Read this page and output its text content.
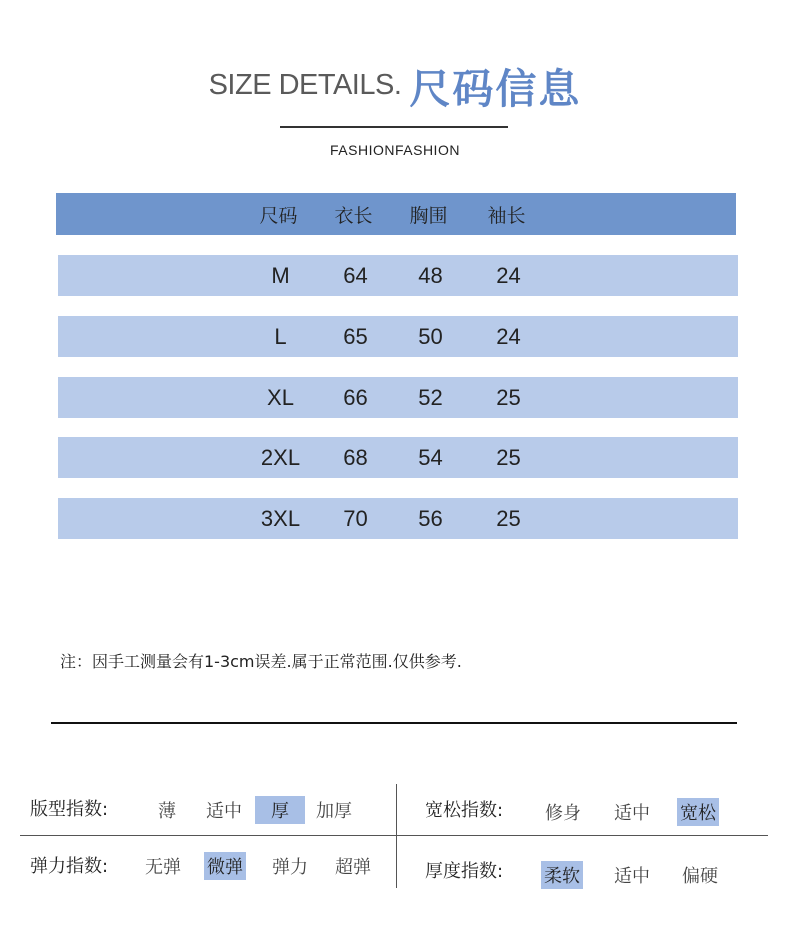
SIZE DETAILS. 尺码信息
FASHIONFASHION
尺码 衣长 胸围 袖长
M	64	48	24
L	65	50	24
XL	66	52	25
2XL	68	54	25
3XL	70	56	25
注：因手工测量会有1-3cm误差.属于正常范围.仅供参考.
版型指数:	薄 适中	厚	加厚	宽松指数: 修身 适中 宽松
弹力指数: 无弹 微弹 弹力 超弹	厚度指数: 柔软 适中 偏硬
